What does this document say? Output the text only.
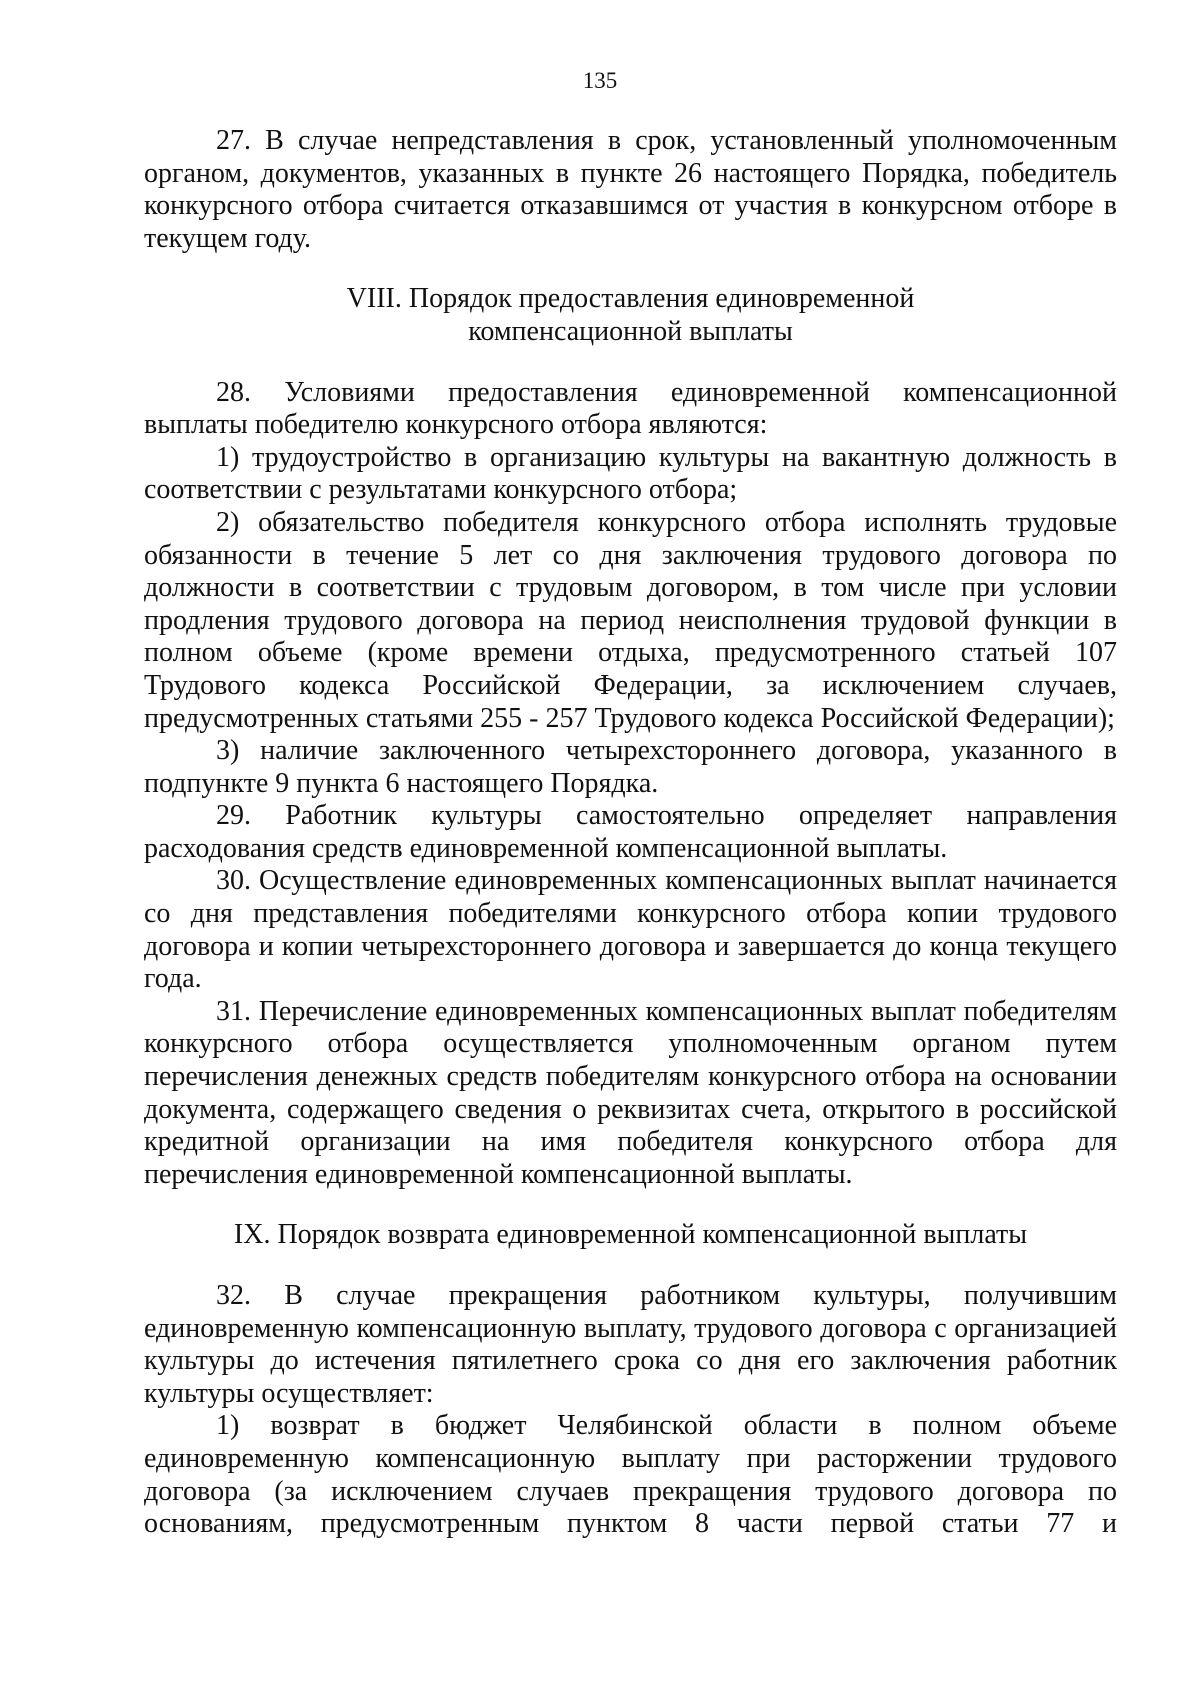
135

27. В случае непредставления в срок, установленный уполномоченным органом, документов, указанных в пункте 26 настоящего Порядка, победитель конкурсного отбора считается отказавшимся от участия в конкурсном отборе в текущем году.

VIII. Порядок предоставления единовременной

компенсационной выплаты

28. Условиями предоставления единовременной компенсационной выплаты победителю конкурсного отбора являются:

1) трудоустройство в организацию культуры на вакантную должность в соответствии с результатами конкурсного отбора;

2) обязательство победителя конкурсного отбора исполнять трудовые обязанности в течение 5 лет со дня заключения трудового договора по должности в соответствии с трудовым договором, в том числе при условии продления трудового договора на период неисполнения трудовой функции в полном объеме (кроме времени отдыха, предусмотренного статьей 107 Трудового кодекса Российской Федерации, за исключением случаев, предусмотренных статьями 255 - 257 Трудового кодекса Российской Федерации);

3) наличие заключенного четырехстороннего договора, указанного в подпункте 9 пункта 6 настоящего Порядка.

29. Работник культуры самостоятельно определяет направления расходования средств единовременной компенсационной выплаты.

30. Осуществление единовременных компенсационных выплат начинается со дня представления победителями конкурсного отбора копии трудового договора и копии четырехстороннего договора и завершается до конца текущего года.

31. Перечисление единовременных компенсационных выплат победителям конкурсного отбора осуществляется уполномоченным органом путем перечисления денежных средств победителям конкурсного отбора на основании документа, содержащего сведения о реквизитах счета, открытого в российской кредитной организации на имя победителя конкурсного отбора для перечисления единовременной компенсационной выплаты.

IX. Порядок возврата единовременной компенсационной выплаты

32. В случае прекращения работником культуры, получившим единовременную компенсационную выплату, трудового договора с организацией культуры до истечения пятилетнего срока со дня его заключения работник культуры осуществляет:

1) возврат в бюджет Челябинской области в полном объеме единовременную компенсационную выплату при расторжении трудового договора (за исключением случаев прекращения трудового договора по основаниям, предусмотренным пунктом 8 части первой статьи 77 и
